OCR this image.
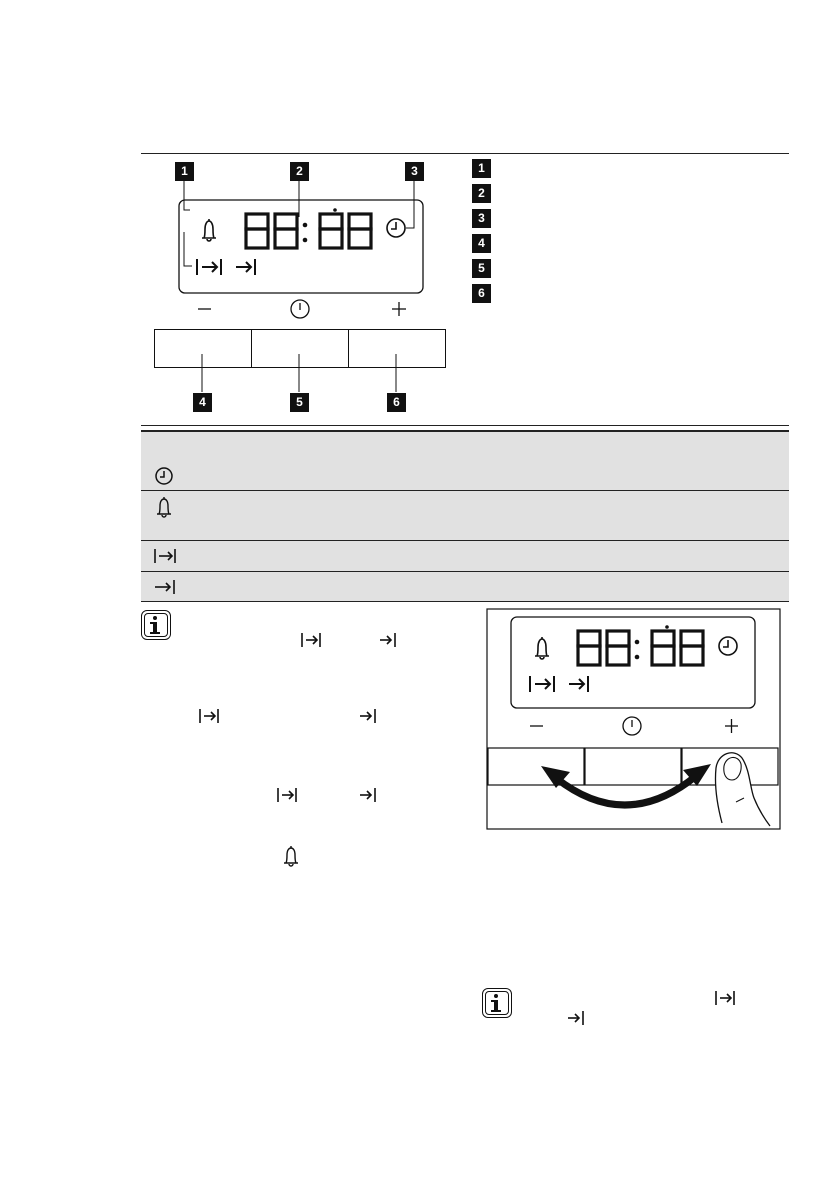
1	2	3
4	5	6
1
2
3
4
5
6
